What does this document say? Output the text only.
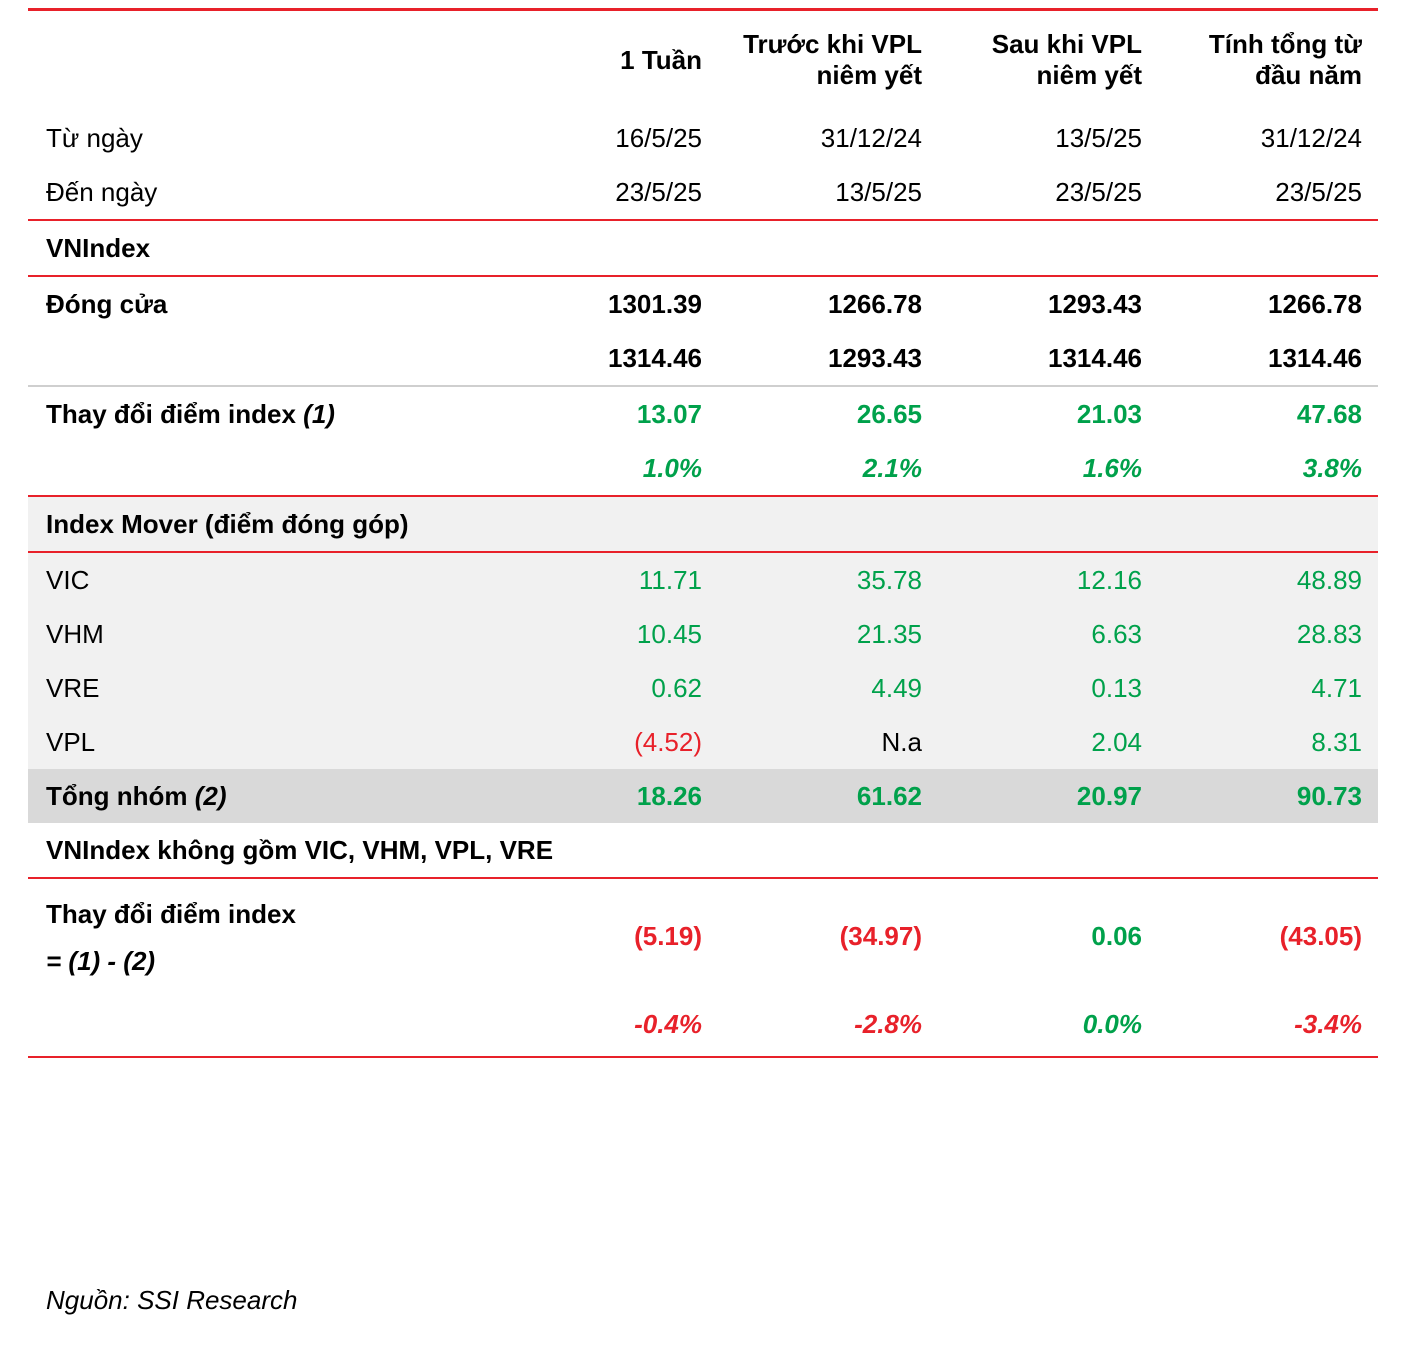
	1 Tuần	Trước khi VPL niêm yết	Sau khi VPL niêm yết	Tính tổng từ đầu năm
Từ ngày	16/5/25	31/12/24	13/5/25	31/12/24
Đến ngày	23/5/25	13/5/25	23/5/25	23/5/25
VNIndex				
Đóng cửa	1301.39	1266.78	1293.43	1266.78
	1314.46	1293.43	1314.46	1314.46
Thay đổi điểm index (1)	13.07	26.65	21.03	47.68
	1.0%	2.1%	1.6%	3.8%
Index Mover (điểm đóng góp)				
VIC	11.71	35.78	12.16	48.89
VHM	10.45	21.35	6.63	28.83
VRE	0.62	4.49	0.13	4.71
VPL	(4.52)	N.a	2.04	8.31
Tổng nhóm (2)	18.26	61.62	20.97	90.73
VNIndex không gồm VIC, VHM, VPL, VRE				

Thay đổi điểm index
= (1) - (2)	(5.19)	(34.97)	0.06	(43.05)
	-0.4%	-2.8%	0.0%	-3.4%
Nguồn: SSI Research
